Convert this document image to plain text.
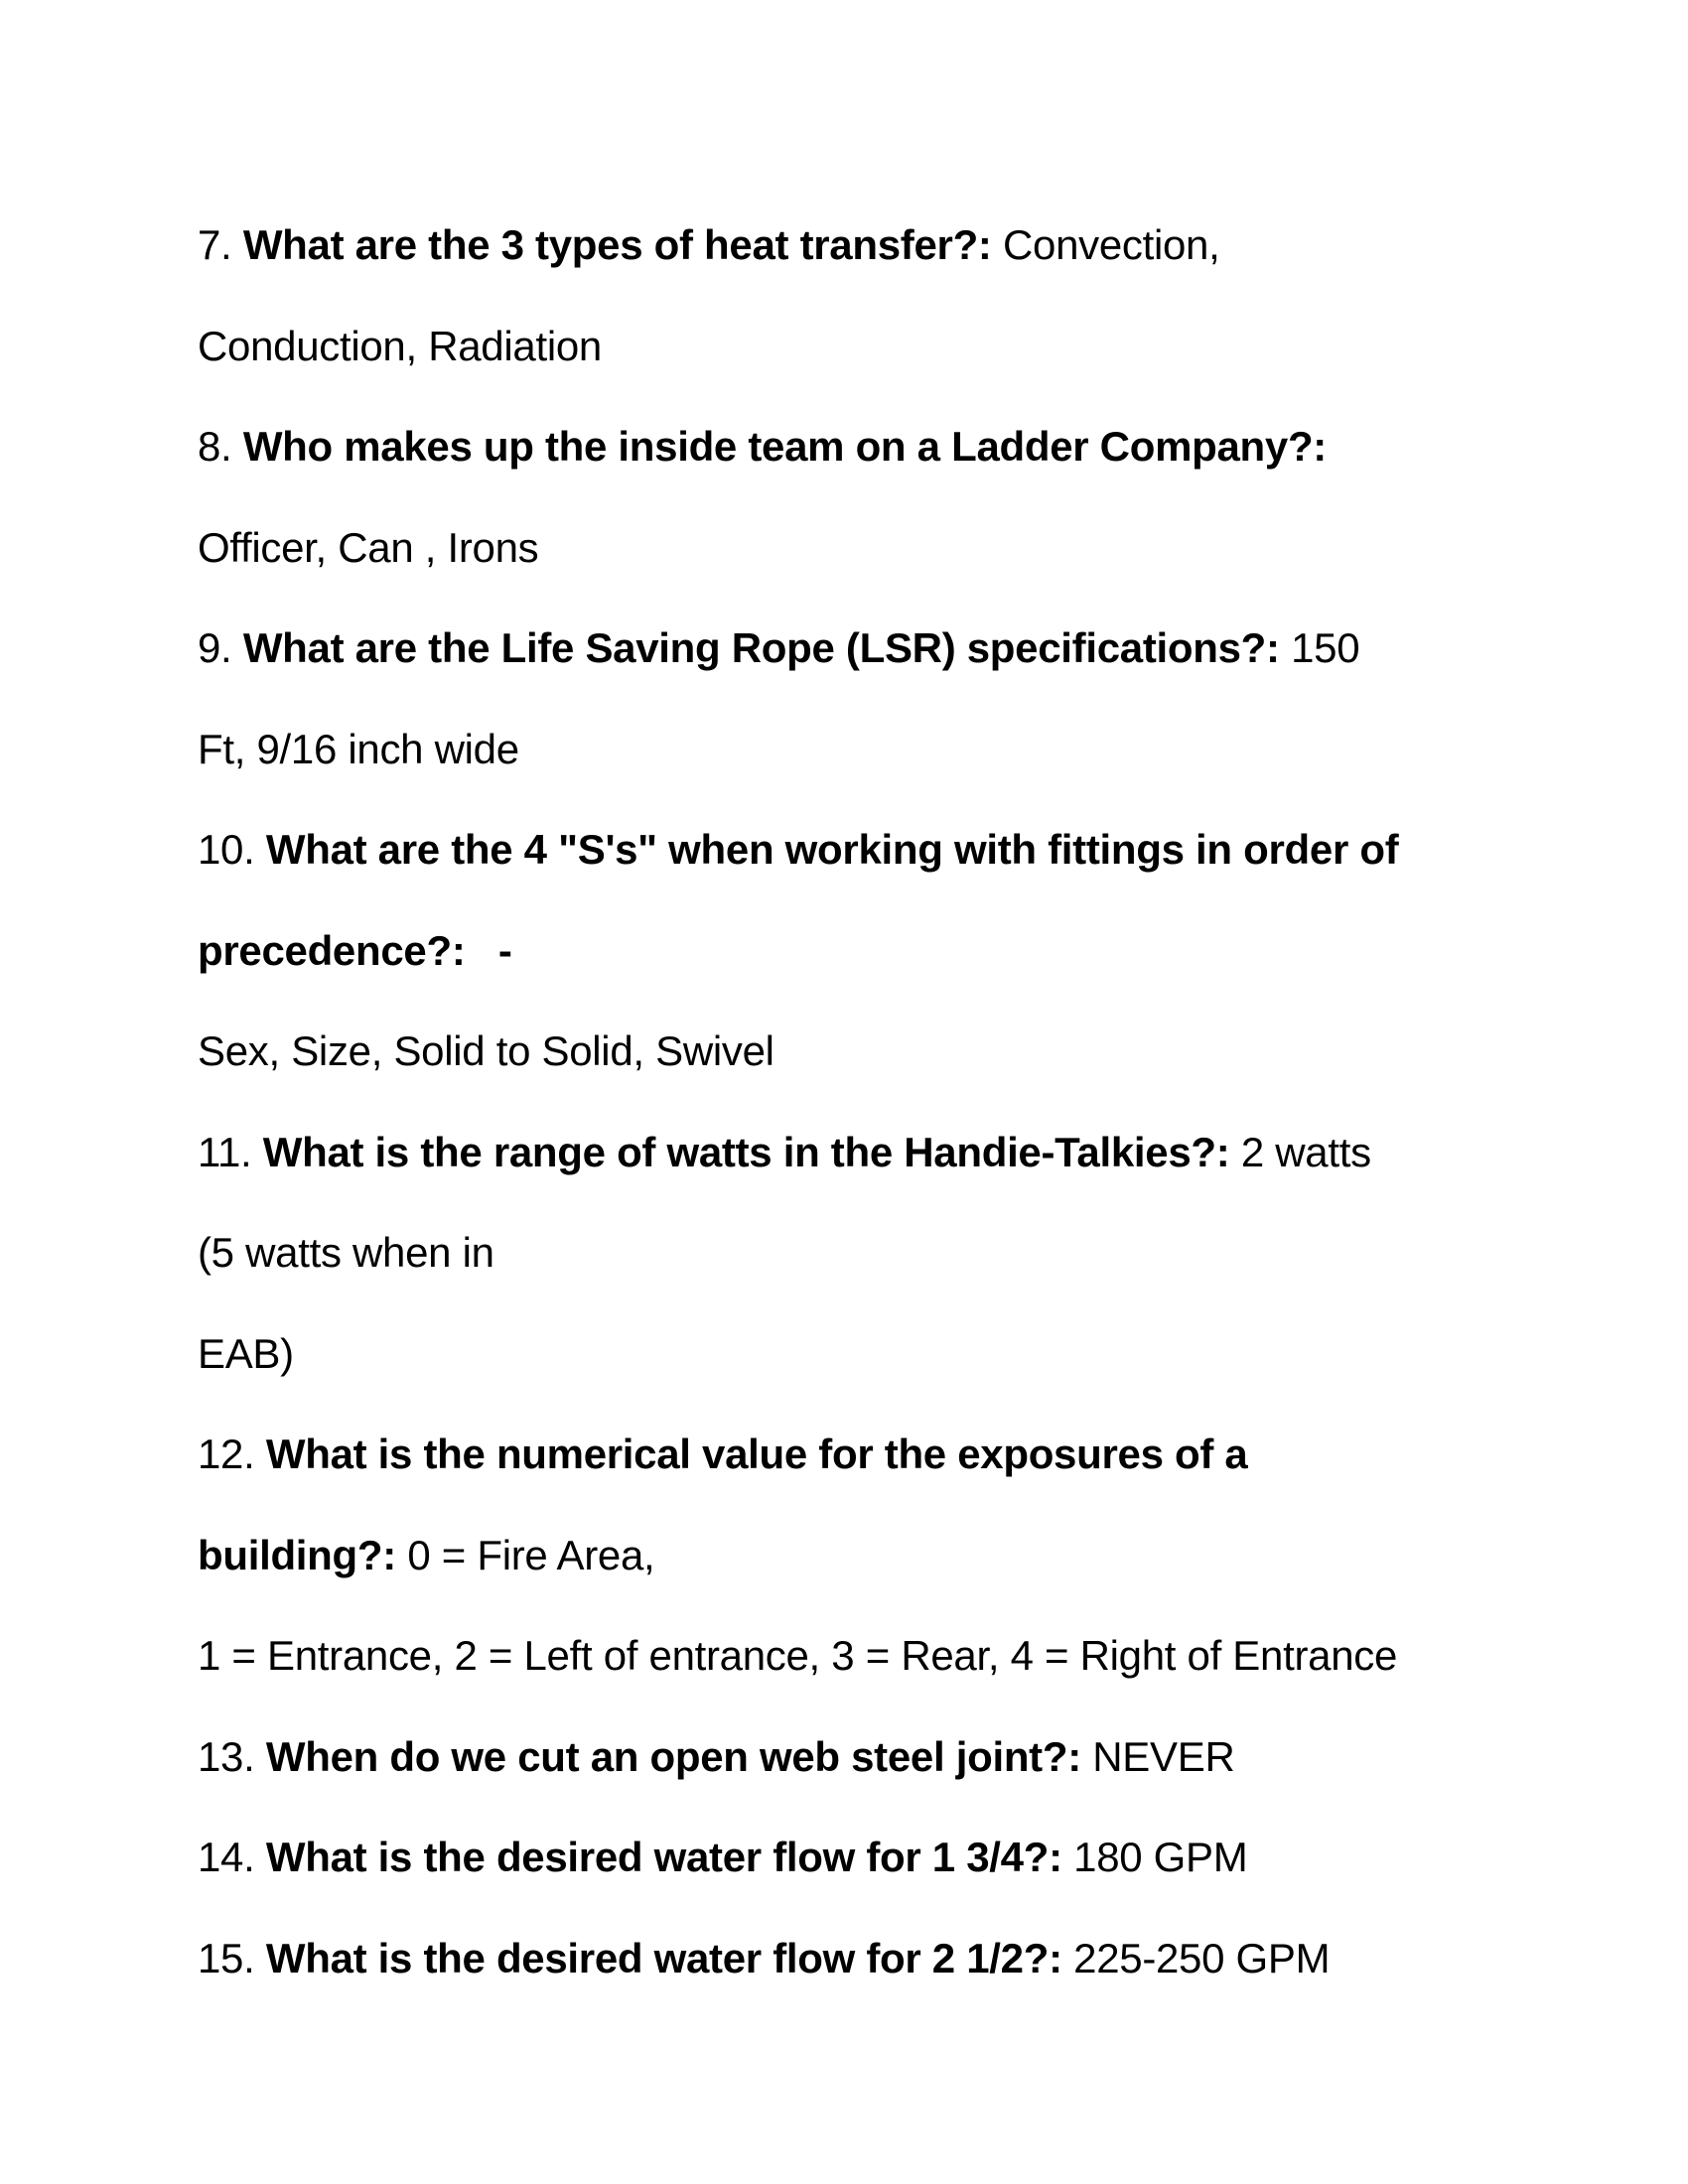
7. What are the 3 types of heat transfer?: Convection,
Conduction, Radiation
8. Who makes up the inside team on a Ladder Company?:
Officer, Can , Irons
9. What are the Life Saving Rope (LSR) specifications?: 150
Ft, 9/16 inch wide
10. What are the 4 "S's" when working with fittings in order of
precedence?: -
Sex, Size, Solid to Solid, Swivel
11. What is the range of watts in the Handie-Talkies?: 2 watts
(5 watts when in
EAB)
12. What is the numerical value for the exposures of a
building?: 0 = Fire Area,
1 = Entrance, 2 = Left of entrance, 3 = Rear, 4 = Right of Entrance
13. When do we cut an open web steel joint?: NEVER
14. What is the desired water flow for 1 3/4?: 180 GPM
15. What is the desired water flow for 2 1/2?: 225-250 GPM
